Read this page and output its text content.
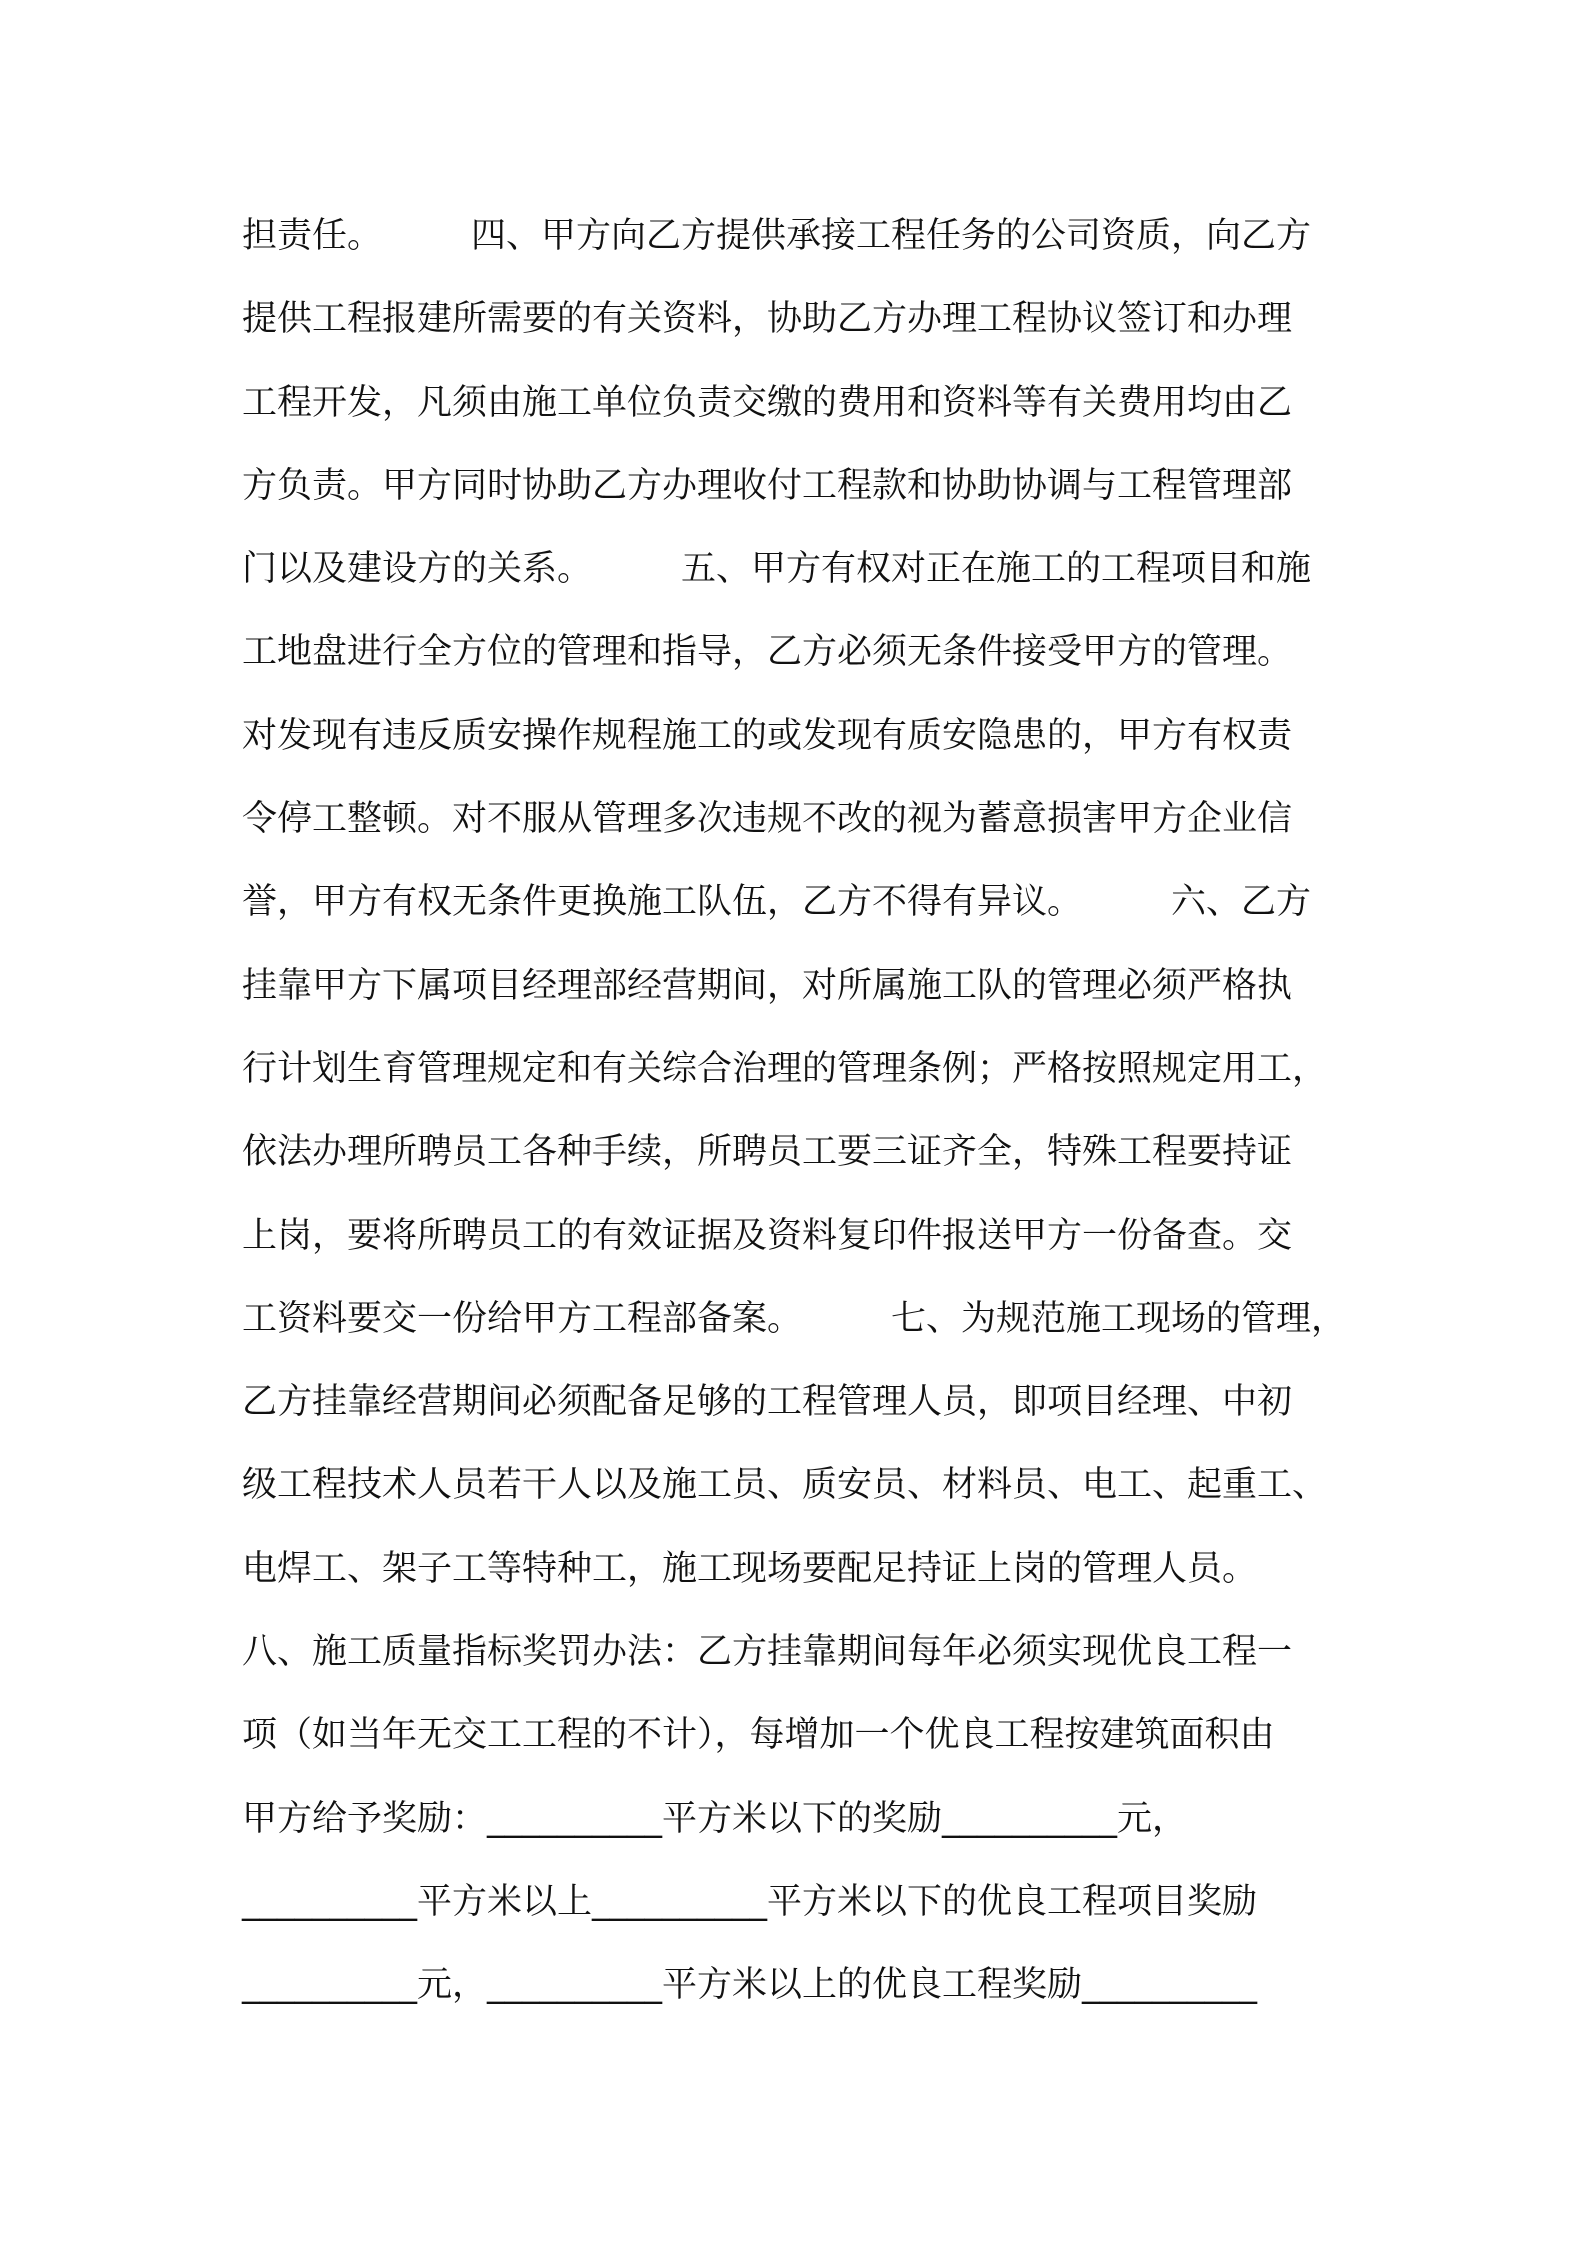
担责任。        四、甲方向乙方提供承接工程任务的公司资质，向乙方
提供工程报建所需要的有关资料，协助乙方办理工程协议签订和办理
工程开发，凡须由施工单位负责交缴的费用和资料等有关费用均由乙
方负责。甲方同时协助乙方办理收付工程款和协助协调与工程管理部
门以及建设方的关系。        五、甲方有权对正在施工的工程项目和施
工地盘进行全方位的管理和指导，乙方必须无条件接受甲方的管理。
对发现有违反质安操作规程施工的或发现有质安隐患的，甲方有权责
令停工整顿。对不服从管理多次违规不改的视为蓄意损害甲方企业信
誉，甲方有权无条件更换施工队伍，乙方不得有异议。        六、乙方
挂靠甲方下属项目经理部经营期间，对所属施工队的管理必须严格执
行计划生育管理规定和有关综合治理的管理条例；严格按照规定用工，
依法办理所聘员工各种手续，所聘员工要三证齐全，特殊工程要持证
上岗，要将所聘员工的有效证据及资料复印件报送甲方一份备查。交
工资料要交一份给甲方工程部备案。        七、为规范施工现场的管理，
乙方挂靠经营期间必须配备足够的工程管理人员，即项目经理、中初
级工程技术人员若干人以及施工员、质安员、材料员、电工、起重工、
电焊工、架子工等特种工，施工现场要配足持证上岗的管理人员。
八、施工质量指标奖罚办法：乙方挂靠期间每年必须实现优良工程一
项（如当年无交工工程的不计），每增加一个优良工程按建筑面积由
甲方给予奖励：__________平方米以下的奖励__________元，
__________平方米以上__________平方米以下的优良工程项目奖励
__________元，__________平方米以上的优良工程奖励__________
